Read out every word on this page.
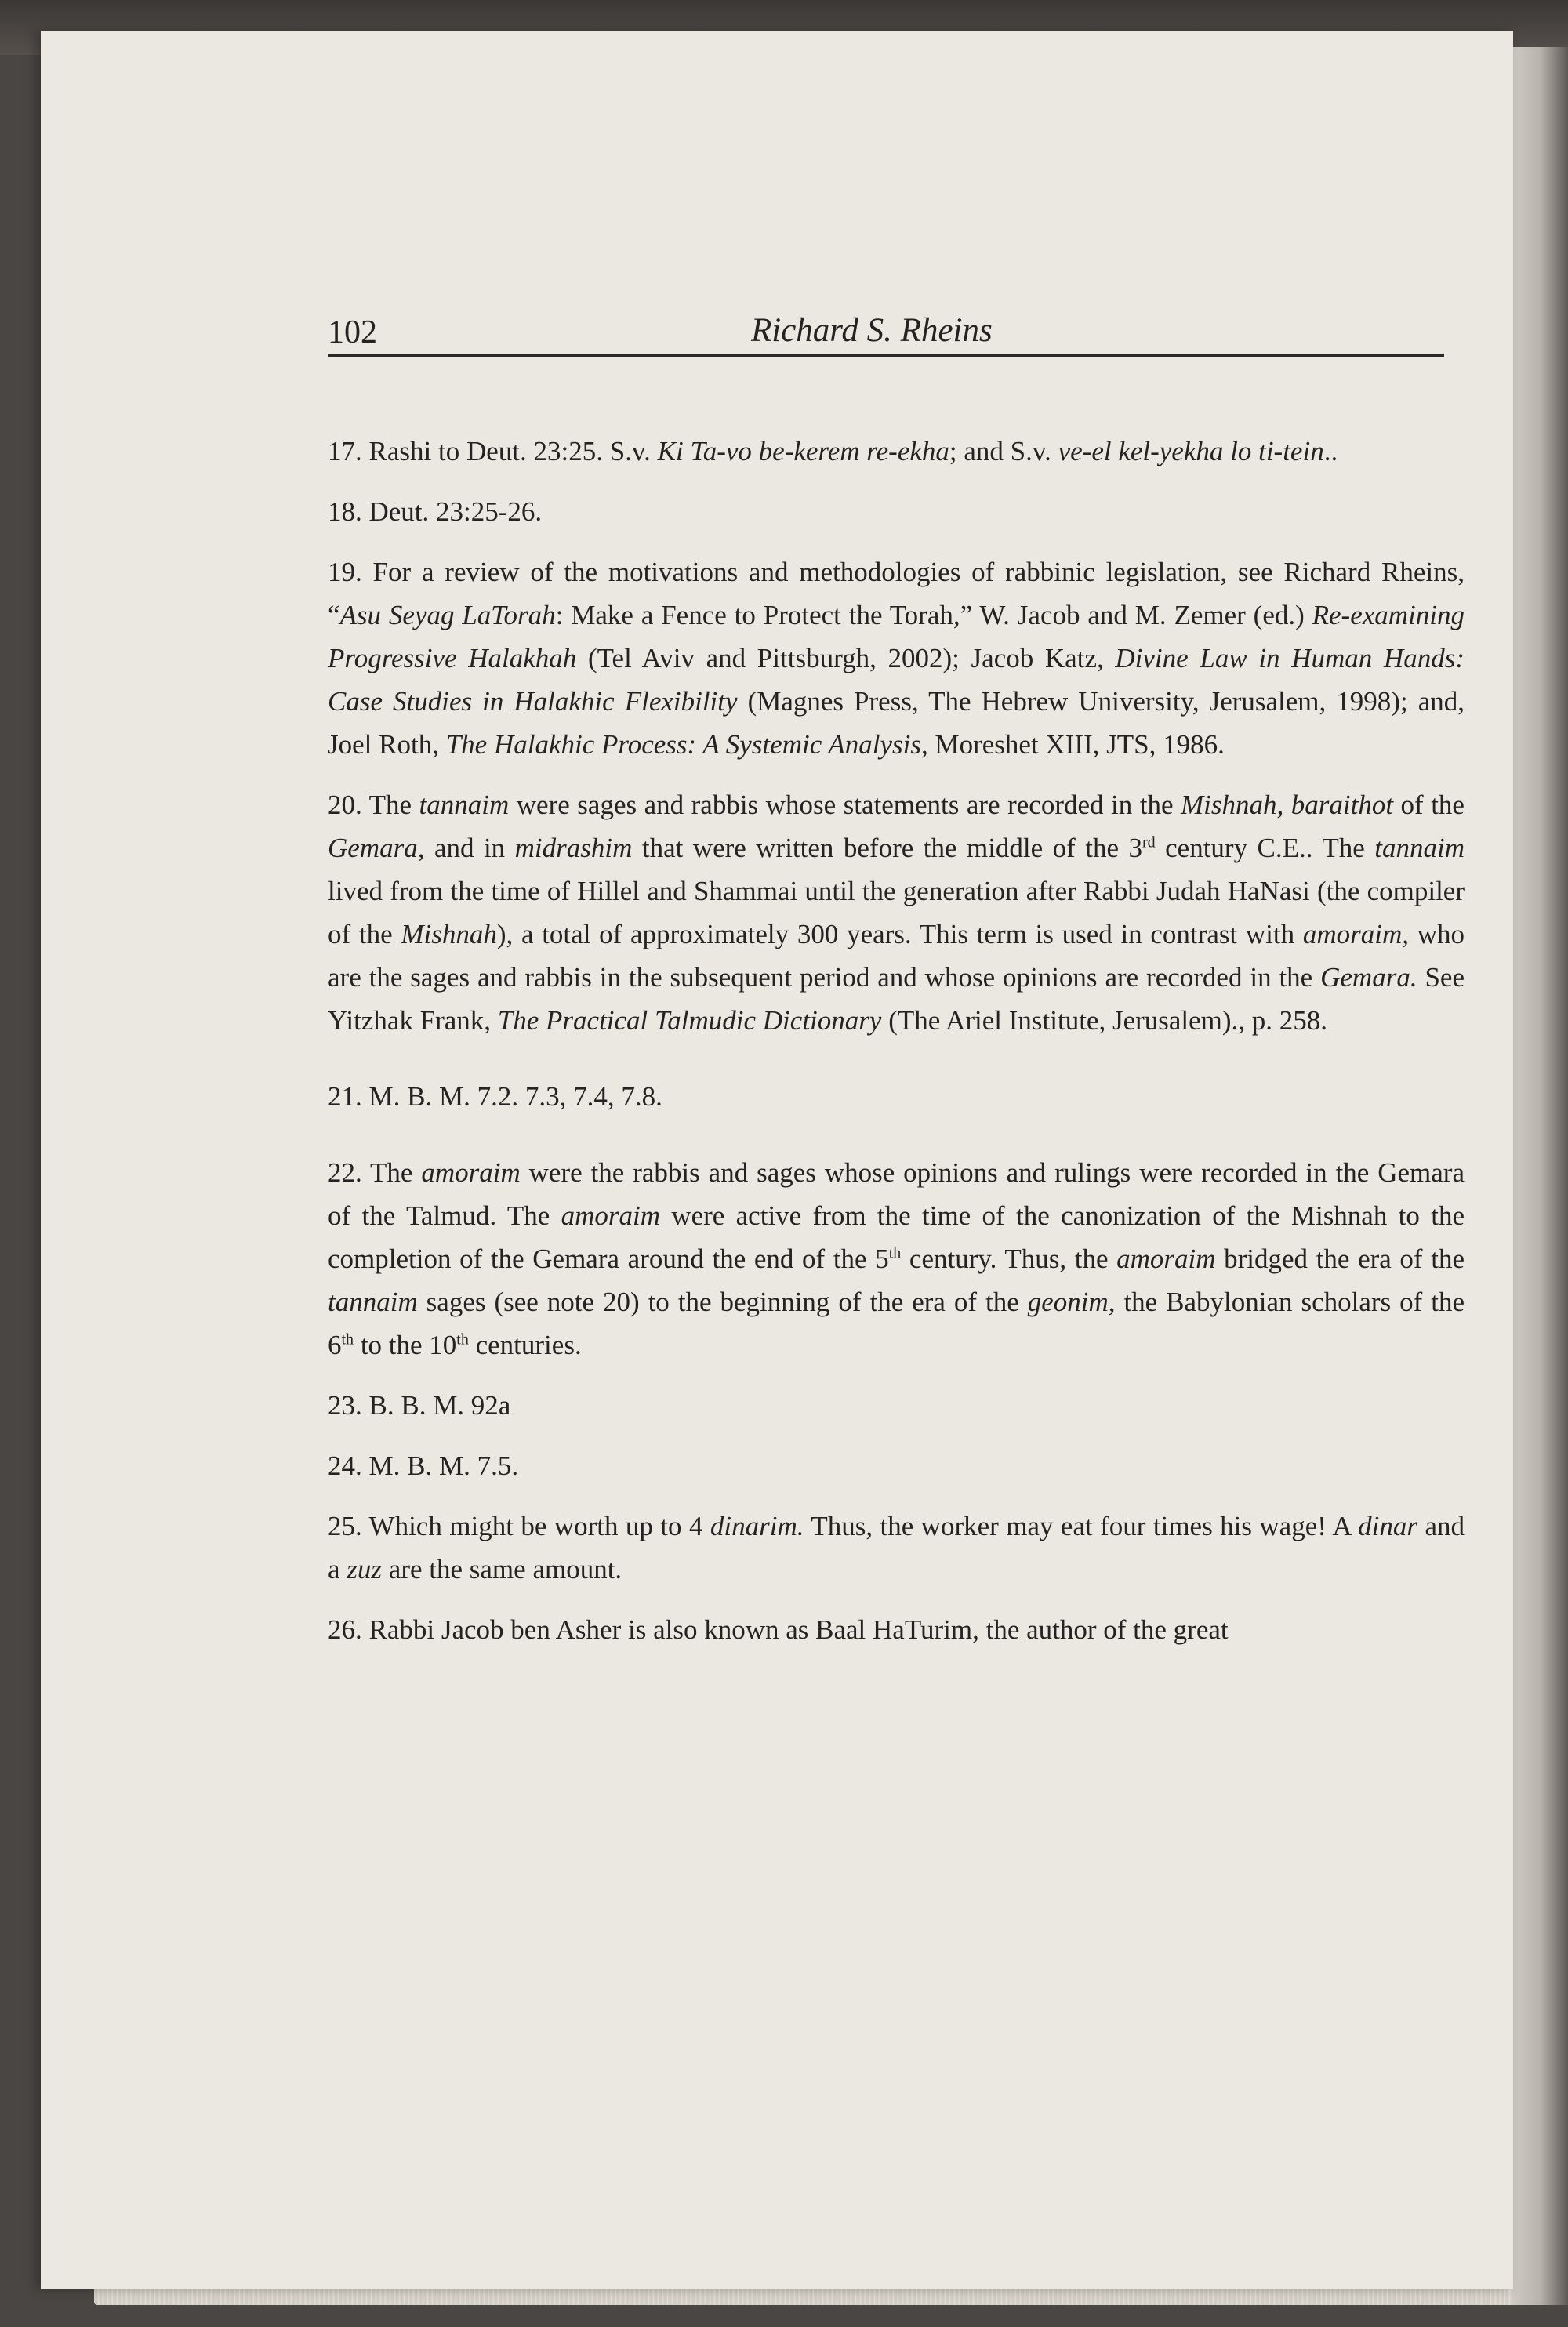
102	Richard S. Rheins

17. Rashi to Deut. 23:25. S.v. Ki Ta-vo be-kerem re-ekha; and S.v. ve-el kel-yekha lo ti-tein..

18. Deut. 23:25-26.

19. For a review of the motivations and methodologies of rabbinic legislation, see Richard Rheins, “Asu Seyag LaTorah: Make a Fence to Protect the Torah,” W. Jacob and M. Zemer (ed.) Re-examining Progressive Halakhah (Tel Aviv and Pittsburgh, 2002); Jacob Katz, Divine Law in Human Hands: Case Studies in Halakhic Flexibility (Magnes Press, The Hebrew University, Jerusalem, 1998); and, Joel Roth, The Halakhic Process: A Systemic Analysis, Moreshet XIII, JTS, 1986.

20. The tannaim were sages and rabbis whose statements are recorded in the Mishnah, baraithot of the Gemara, and in midrashim that were written before the middle of the 3rd century C.E.. The tannaim lived from the time of Hillel and Shammai until the generation after Rabbi Judah HaNasi (the compiler of the Mishnah), a total of approximately 300 years. This term is used in contrast with amoraim, who are the sages and rabbis in the subsequent period and whose opinions are recorded in the Gemara. See Yitzhak Frank, The Practical Talmudic Dictionary (The Ariel Institute, Jerusalem)., p. 258.

21. M. B. M. 7.2. 7.3, 7.4, 7.8.

22. The amoraim were the rabbis and sages whose opinions and rulings were recorded in the Gemara of the Talmud. The amoraim were active from the time of the canonization of the Mishnah to the completion of the Gemara around the end of the 5th century. Thus, the amoraim bridged the era of the tannaim sages (see note 20) to the beginning of the era of the geonim, the Babylonian scholars of the 6th to the 10th centuries.

23. B. B. M. 92a

24. M. B. M. 7.5.

25. Which might be worth up to 4 dinarim. Thus, the worker may eat four times his wage! A dinar and a zuz are the same amount.

26. Rabbi Jacob ben Asher is also known as Baal HaTurim, the author of the great
